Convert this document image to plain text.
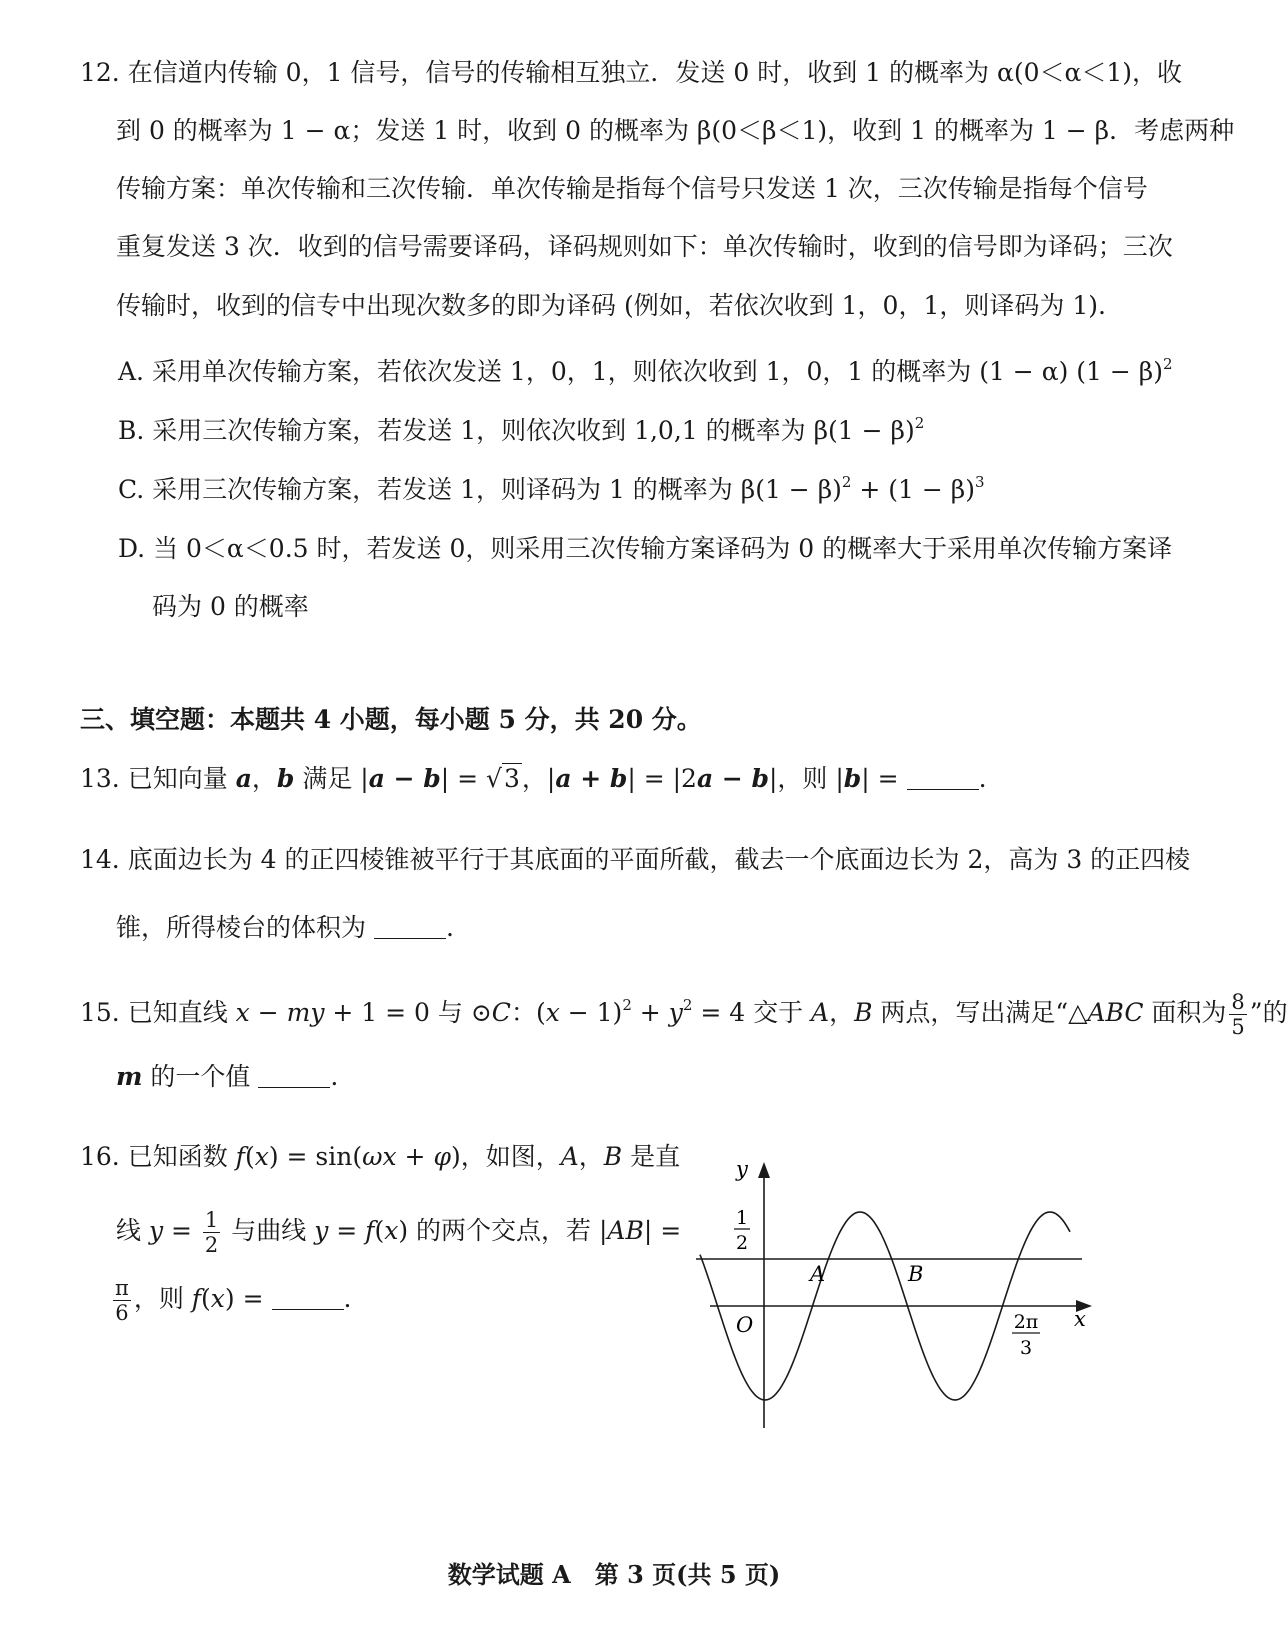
12. 在信道内传输 0，1 信号，信号的传输相互独立．发送 0 时，收到 1 的概率为 α(0＜α＜1)，收
到 0 的概率为 1 − α；发送 1 时，收到 0 的概率为 β(0＜β＜1)，收到 1 的概率为 1 − β．考虑两种
传输方案：单次传输和三次传输．单次传输是指每个信号只发送 1 次，三次传输是指每个信号
重复发送 3 次．收到的信号需要译码，译码规则如下：单次传输时，收到的信号即为译码；三次
传输时，收到的信专中出现次数多的即为译码 (例如，若依次收到 1，0，1，则译码为 1).
A. 采用单次传输方案，若依次发送 1，0，1，则依次收到 1，0，1 的概率为 (1 − α) $(1 - \beta)^2$
B. 采用三次传输方案，若发送 1，则依次收到 1,0,1 的概率为 $\beta(1 - \beta)^2$
C. 采用三次传输方案，若发送 1，则译码为 1 的概率为 $\beta(1 - \beta)^2 + (1 - \beta)^3$
D. 当 0＜α＜0.5 时，若发送 0，则采用三次传输方案译码为 0 的概率大于采用单次传输方案译
码为 0 的概率
三、填空题：本题共 4 小题，每小题 5 分，共 20 分。
13. 已知向量 a，b 满足 |a − b| = √3，|a + b| = |2a − b|，则 |b| =	.
14. 底面边长为 4 的正四棱锥被平行于其底面的平面所截，截去一个底面边长为 2，高为 3 的正四棱
锥，所得棱台的体积为	.
15. 已知直线 x − my + 1 = 0 与 ⊙C：$(x - 1)^2 + y^2 = 4$ 交于 A，B 两点，写出满足“△ABC 面积为 $\frac{8}{5}$ ”的
m 的一个值	.
16. 已知函数 f(x) = sin(ωx + φ)，如图，A，B 是直
线 $y = \frac{1}{2}$ 与曲线 y = f(x) 的两个交点，若 |AB| =
$\frac{\pi}{6}$ ，则 f(x) =	.
y
x
O
A	B
1
2
2π
3
数学试题 A　第 3 页(共 5 页)
